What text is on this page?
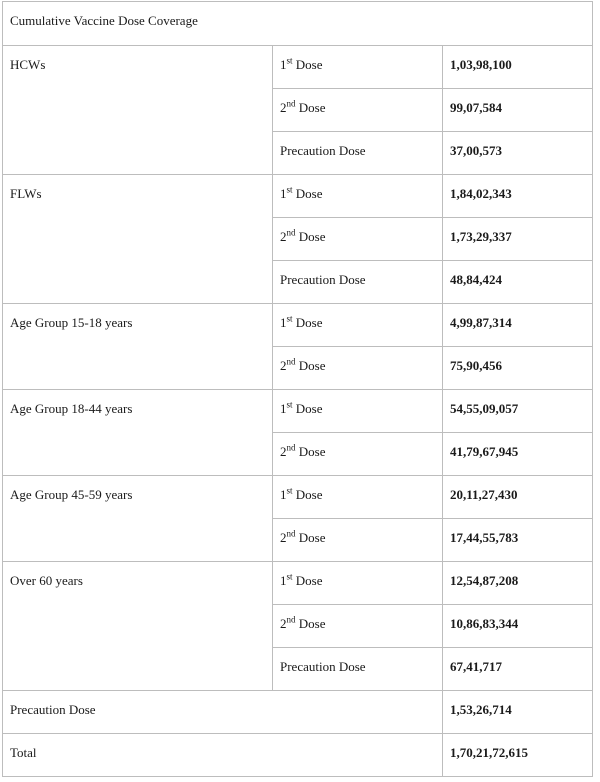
Cumulative Vaccine Dose Coverage		
HCWs	1st Dose	1,03,98,100
	2nd Dose	99,07,584
	Precaution Dose	37,00,573
FLWs	1st Dose	1,84,02,343
	2nd Dose	1,73,29,337
	Precaution Dose	48,84,424
Age Group 15-18 years	1st Dose	4,99,87,314
	2nd Dose	75,90,456
Age Group 18-44 years	1st Dose	54,55,09,057
	2nd Dose	41,79,67,945
Age Group 45-59 years	1st Dose	20,11,27,430
	2nd Dose	17,44,55,783
Over 60 years	1st Dose	12,54,87,208
	2nd Dose	10,86,83,344
	Precaution Dose	67,41,717
Precaution Dose		1,53,26,714
Total		1,70,21,72,615
